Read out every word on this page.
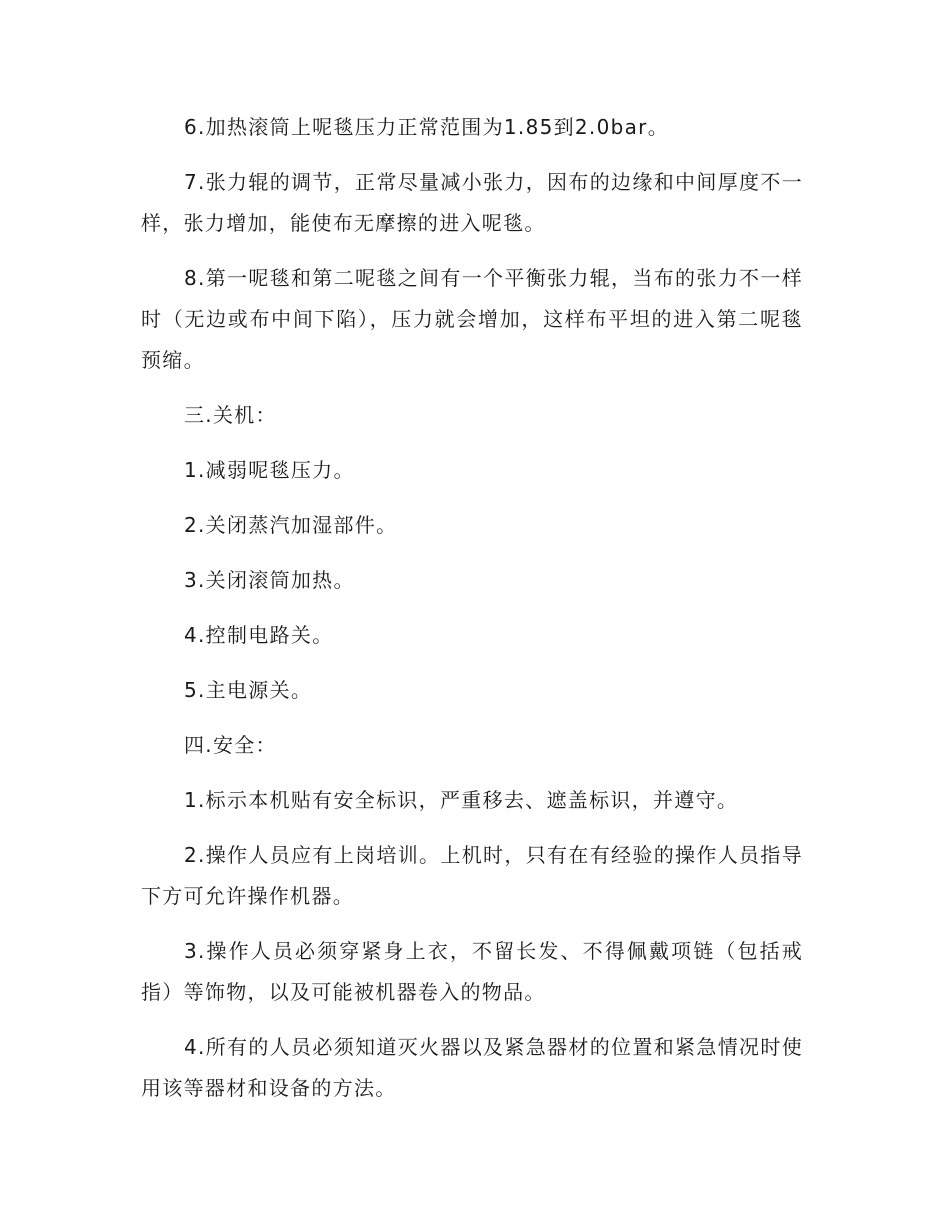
6.加热滚筒上呢毯压力正常范围为1.85到2.0bar。

7.张力辊的调节，正常尽量减小张力，因布的边缘和中间厚度不一样，张力增加，能使布无摩擦的进入呢毯。

8.第一呢毯和第二呢毯之间有一个平衡张力辊，当布的张力不一样时（无边或布中间下陷），压力就会增加，这样布平坦的进入第二呢毯预缩。

三.关机：

1.减弱呢毯压力。

2.关闭蒸汽加湿部件。

3.关闭滚筒加热。

4.控制电路关。

5.主电源关。

四.安全：

1.标示本机贴有安全标识，严重移去、遮盖标识，并遵守。

2.操作人员应有上岗培训。上机时，只有在有经验的操作人员指导下方可允许操作机器。

3.操作人员必须穿紧身上衣，不留长发、不得佩戴项链（包括戒指）等饰物，以及可能被机器卷入的物品。

4.所有的人员必须知道灭火器以及紧急器材的位置和紧急情况时使用该等器材和设备的方法。
